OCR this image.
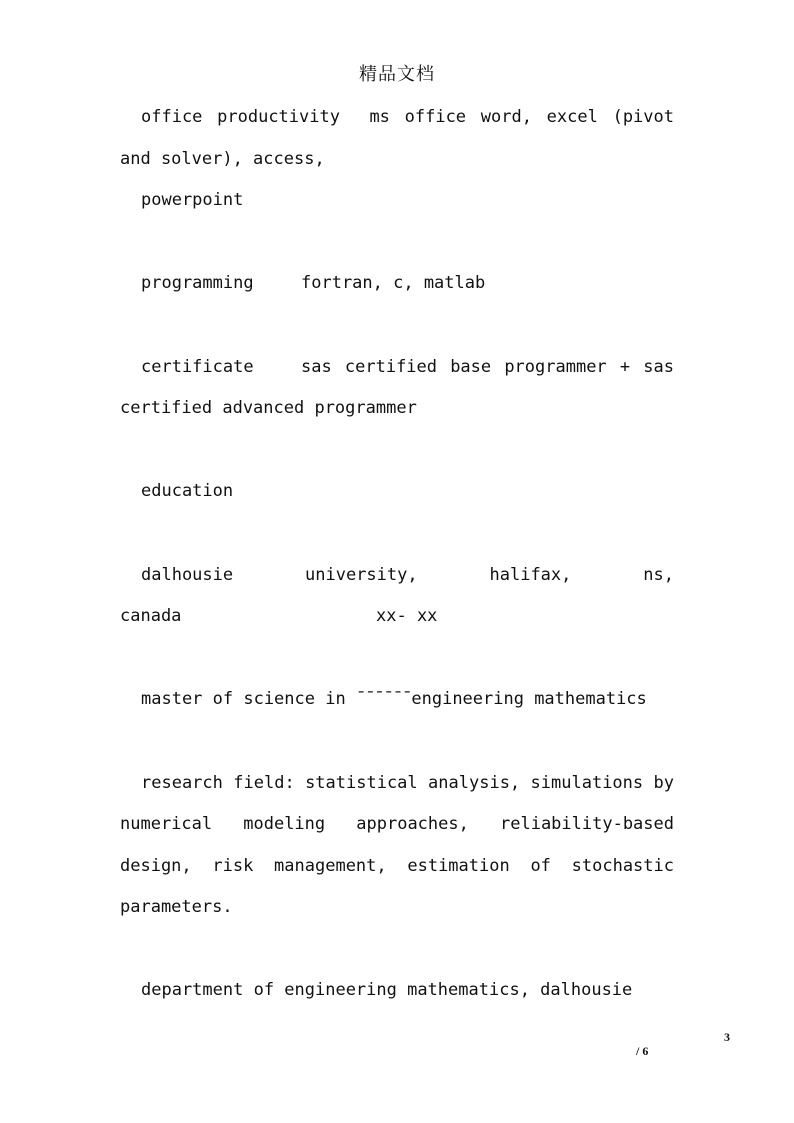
精品文档

office productivity ms office word, excel (pivot and solver), access,

powerpoint

programming	fortran, c, matlab

certificate	sas certified base programmer + sas certified advanced programmer

education

dalhousie	university,	halifax,	ns,
canada	xx- xx

master of science in ¯¯¯¯¯¯engineering mathematics

research field: statistical analysis, simulations by numerical modeling approaches, reliability-based design, risk management, estimation of stochastic parameters.

department of engineering mathematics, dalhousie

3
/ 6
